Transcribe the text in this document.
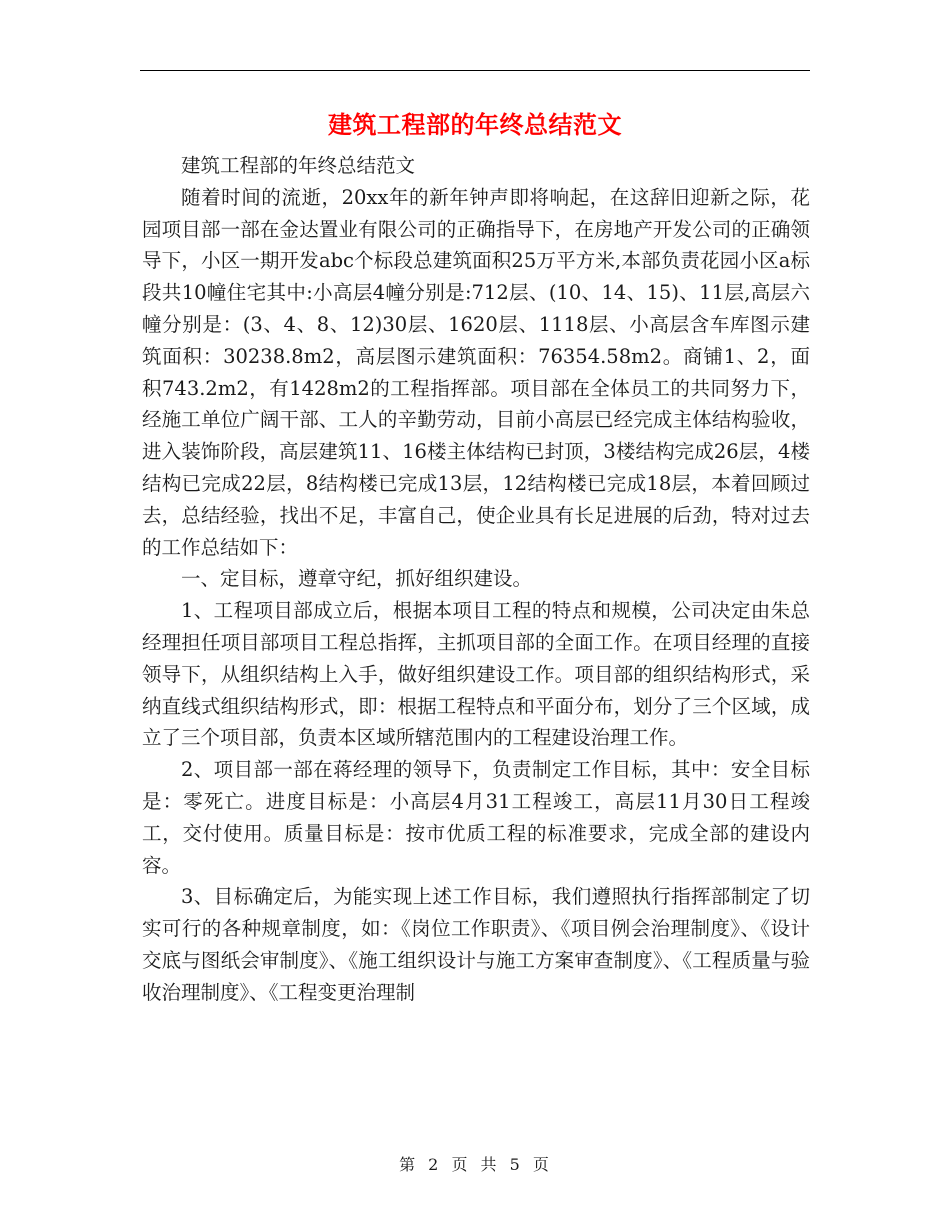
建筑工程部的年终总结范文

建筑工程部的年终总结范文

随着时间的流逝，20xx年的新年钟声即将响起，在这辞旧迎新之际，花园项目部一部在金达置业有限公司的正确指导下，在房地产开发公司的正确领导下，小区一期开发abc个标段总建筑面积25万平方米,本部负责花园小区a标段共10幢住宅其中:小高层4幢分别是:712层、(10、14、15)、11层,高层六幢分别是：(3、4、8、12)30层、1620层、1118层、小高层含车库图示建筑面积：30238.8m2，高层图示建筑面积：76354.58m2。商铺1、2，面积743.2m2，有1428m2的工程指挥部。项目部在全体员工的共同努力下，经施工单位广阔干部、工人的辛勤劳动，目前小高层已经完成主体结构验收，进入装饰阶段，高层建筑11、16楼主体结构已封顶，3楼结构完成26层，4楼结构已完成22层，8结构楼已完成13层，12结构楼已完成18层，本着回顾过去，总结经验，找出不足，丰富自己，使企业具有长足进展的后劲，特对过去的工作总结如下：

一、定目标，遵章守纪，抓好组织建设。

1、工程项目部成立后，根据本项目工程的特点和规模，公司决定由朱总经理担任项目部项目工程总指挥，主抓项目部的全面工作。在项目经理的直接领导下，从组织结构上入手，做好组织建设工作。项目部的组织结构形式，采纳直线式组织结构形式，即：根据工程特点和平面分布，划分了三个区域，成立了三个项目部，负责本区域所辖范围内的工程建设治理工作。

2、项目部一部在蒋经理的领导下，负责制定工作目标，其中：安全目标是：零死亡。进度目标是：小高层4月31工程竣工，高层11月30日工程竣工，交付使用。质量目标是：按市优质工程的标准要求，完成全部的建设内容。

3、目标确定后，为能实现上述工作目标，我们遵照执行指挥部制定了切实可行的各种规章制度，如：《岗位工作职责》、《项目例会治理制度》、《设计交底与图纸会审制度》、《施工组织设计与施工方案审查制度》、《工程质量与验收治理制度》、《工程变更治理制

第 2 页 共 5 页
